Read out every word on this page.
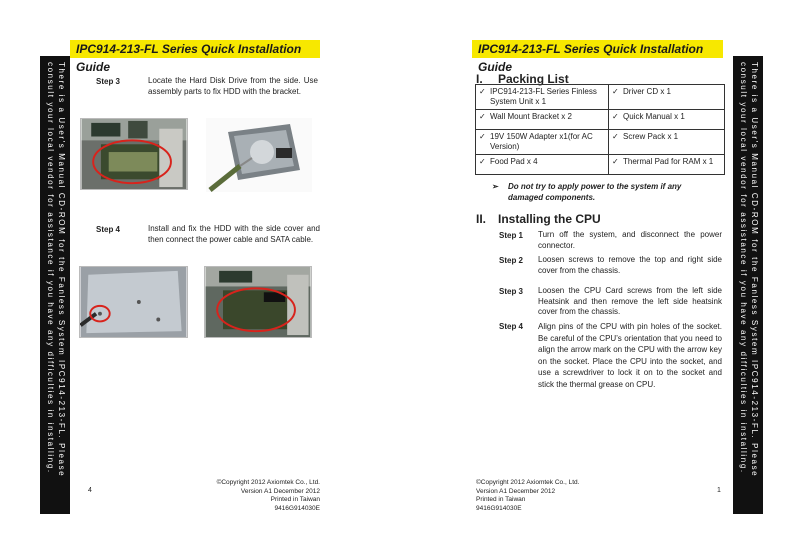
IPC914-213-FL Series Quick Installation Guide
There is a User's Manual CD-ROM for the Fanless System IPC914-213-FL. Please consult your local vendor for assistance if you have any difficulties in installing.	Step 3	Locate the Hard Disk Drive from the side. Use assembly parts to fix HDD with the bracket.
Step 4	Install and fix the HDD with the side cover and then connect the power cable and SATA cable.
4
©Copyright 2012 Axiomtek Co., Ltd.
Version A1 December 2012
Printed in Taiwan
9416G914030E
IPC914-213-FL Series Quick Installation Guide	There is a User's Manual CD-ROM for the Fanless System IPC914-213-FL. Please consult your local vendor for assistance if you have any difficulties in installing.
I. Packing List
✓ IPC914-213-FL Series Finless System Unit x 1	✓ Driver CD x 1

✓ Wall Mount Bracket x 2	✓ Quick Manual x 1

✓ 19V 150W Adapter x1(for AC Version)	✓ Screw Pack x 1

✓ Food Pad x 4	✓ Thermal Pad for RAM x 1
➢ Do not try to apply power to the system if any damaged components.
II. Installing the CPU
Step 1 Turn off the system, and disconnect the power connector.
Step 2 Loosen screws to remove the top and right side cover from the chassis.
Step 3 Loosen the CPU Card screws from the left side Heatsink and then remove the left side heatsink cover from the chassis.
Step 4 Align pins of the CPU with pin holes of the socket. Be careful of the CPU’s orientation that you need to align the arrow mark on the CPU with the arrow key on the socket. Place the CPU into the socket, and use a screwdriver to lock it on to the socket and stick the thermal grease on CPU.
©Copyright 2012 Axiomtek Co., Ltd.
Version A1 December 2012
Printed in Taiwan
9416G914030E
1
